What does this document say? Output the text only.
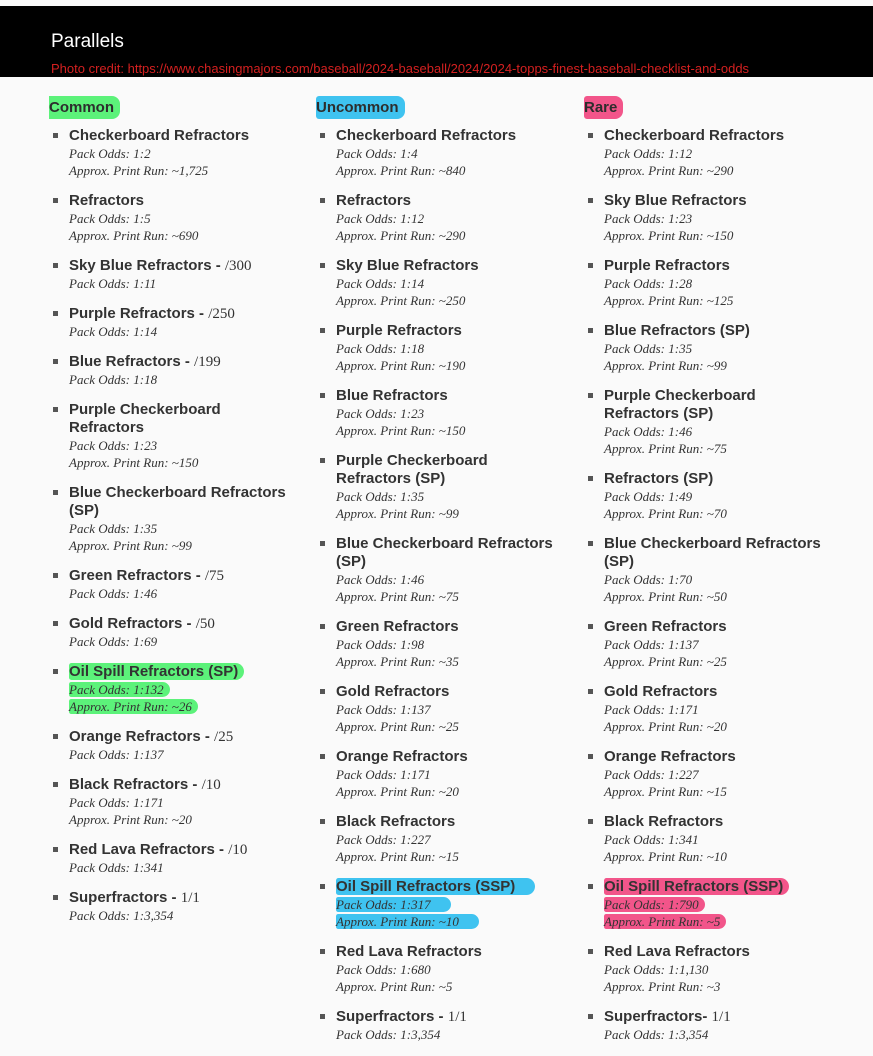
Parallels
Photo credit: https://www.chasingmajors.com/baseball/2024-baseball/2024/2024-topps-finest-baseball-checklist-and-odds
Common
Checkerboard Refractors
Pack Odds: 1:2
Approx. Print Run: ~1,725
Refractors
Pack Odds: 1:5
Approx. Print Run: ~690
Sky Blue Refractors - /300
Pack Odds: 1:11
Purple Refractors - /250
Pack Odds: 1:14
Blue Refractors - /199
Pack Odds: 1:18
Purple Checkerboard Refractors
Pack Odds: 1:23
Approx. Print Run: ~150
Blue Checkerboard Refractors (SP)
Pack Odds: 1:35
Approx. Print Run: ~99
Green Refractors - /75
Pack Odds: 1:46
Gold Refractors - /50
Pack Odds: 1:69
Oil Spill Refractors (SP)
Pack Odds: 1:132
Approx. Print Run: ~26
Orange Refractors - /25
Pack Odds: 1:137
Black Refractors - /10
Pack Odds: 1:171
Approx. Print Run: ~20
Red Lava Refractors - /10
Pack Odds: 1:341
Superfractors - 1/1
Pack Odds: 1:3,354
Uncommon
Checkerboard Refractors
Pack Odds: 1:4
Approx. Print Run: ~840
Refractors
Pack Odds: 1:12
Approx. Print Run: ~290
Sky Blue Refractors
Pack Odds: 1:14
Approx. Print Run: ~250
Purple Refractors
Pack Odds: 1:18
Approx. Print Run: ~190
Blue Refractors
Pack Odds: 1:23
Approx. Print Run: ~150
Purple Checkerboard Refractors (SP)
Pack Odds: 1:35
Approx. Print Run: ~99
Blue Checkerboard Refractors (SP)
Pack Odds: 1:46
Approx. Print Run: ~75
Green Refractors
Pack Odds: 1:98
Approx. Print Run: ~35
Gold Refractors
Pack Odds: 1:137
Approx. Print Run: ~25
Orange Refractors
Pack Odds: 1:171
Approx. Print Run: ~20
Black Refractors
Pack Odds: 1:227
Approx. Print Run: ~15
Oil Spill Refractors (SSP)
Pack Odds: 1:317
Approx. Print Run: ~10
Red Lava Refractors
Pack Odds: 1:680
Approx. Print Run: ~5
Superfractors - 1/1
Pack Odds: 1:3,354
Rare
Checkerboard Refractors
Pack Odds: 1:12
Approx. Print Run: ~290
Sky Blue Refractors
Pack Odds: 1:23
Approx. Print Run: ~150
Purple Refractors
Pack Odds: 1:28
Approx. Print Run: ~125
Blue Refractors (SP)
Pack Odds: 1:35
Approx. Print Run: ~99
Purple Checkerboard Refractors (SP)
Pack Odds: 1:46
Approx. Print Run: ~75
Refractors (SP)
Pack Odds: 1:49
Approx. Print Run: ~70
Blue Checkerboard Refractors (SP)
Pack Odds: 1:70
Approx. Print Run: ~50
Green Refractors
Pack Odds: 1:137
Approx. Print Run: ~25
Gold Refractors
Pack Odds: 1:171
Approx. Print Run: ~20
Orange Refractors
Pack Odds: 1:227
Approx. Print Run: ~15
Black Refractors
Pack Odds: 1:341
Approx. Print Run: ~10
Oil Spill Refractors (SSP)
Pack Odds: 1:790
Approx. Print Run: ~5
Red Lava Refractors
Pack Odds: 1:1,130
Approx. Print Run: ~3
Superfractors- 1/1
Pack Odds: 1:3,354
